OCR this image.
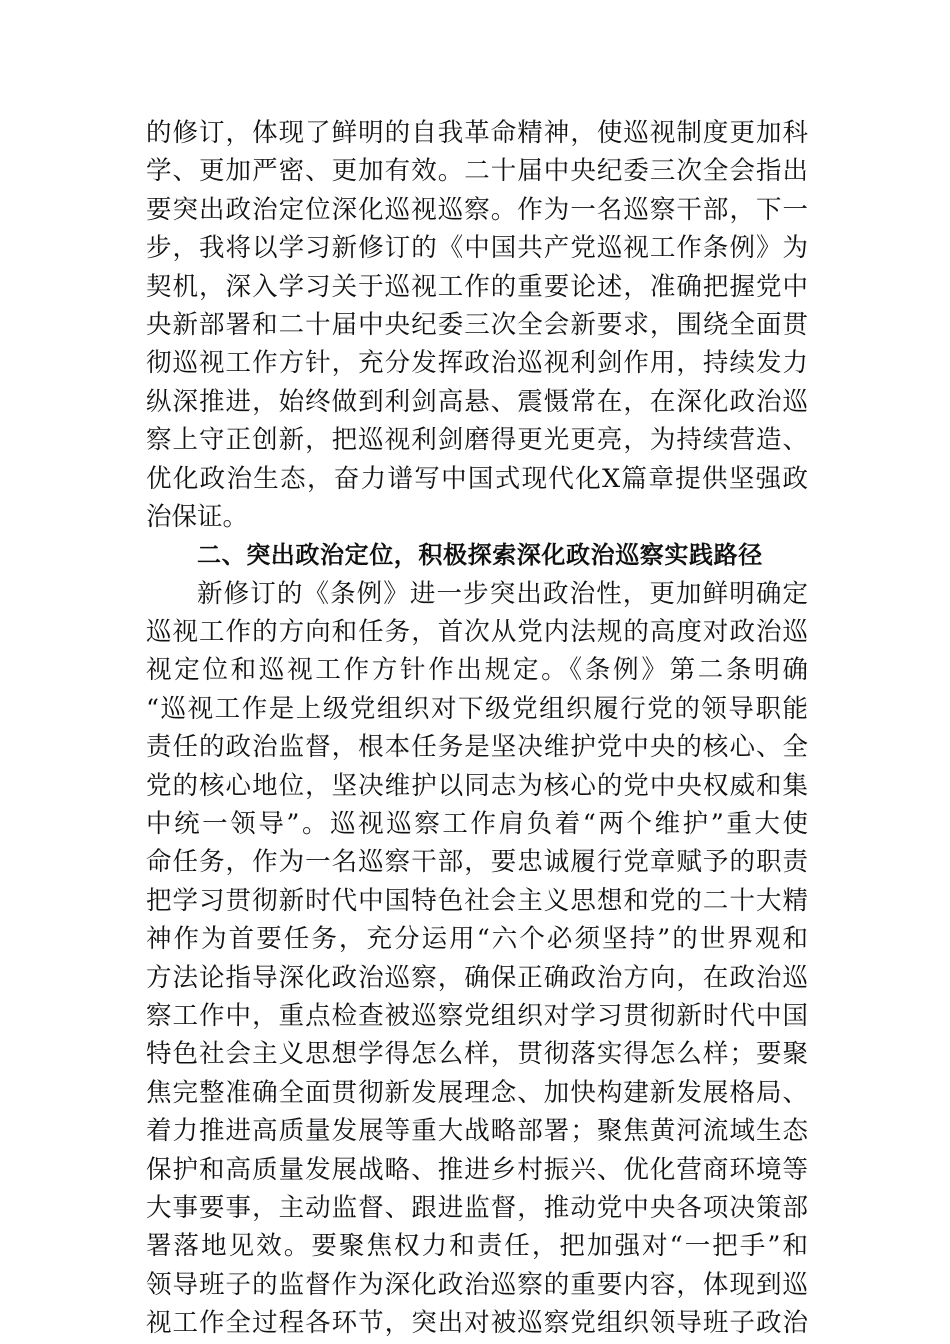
的修订，体现了鲜明的自我革命精神，使巡视制度更加科
学、更加严密、更加有效。二十届中央纪委三次全会指出
要突出政治定位深化巡视巡察。作为一名巡察干部，下一
步，我将以学习新修订的《中国共产党巡视工作条例》为
契机，深入学习关于巡视工作的重要论述，准确把握党中
央新部署和二十届中央纪委三次全会新要求，围绕全面贯
彻巡视工作方针，充分发挥政治巡视利剑作用，持续发力
纵深推进，始终做到利剑高悬、震慑常在，在深化政治巡
察上守正创新，把巡视利剑磨得更光更亮，为持续营造、
优化政治生态，奋力谱写中国式现代化X篇章提供坚强政
治保证。
二、突出政治定位，积极探索深化政治巡察实践路径
新修订的《条例》进一步突出政治性，更加鲜明确定
巡视工作的方向和任务，首次从党内法规的高度对政治巡
视定位和巡视工作方针作出规定。《条例》第二条明确
“巡视工作是上级党组织对下级党组织履行党的领导职能
责任的政治监督，根本任务是坚决维护党中央的核心、全
党的核心地位，坚决维护以同志为核心的党中央权威和集
中统一领导”。巡视巡察工作肩负着“两个维护”重大使
命任务，作为一名巡察干部，要忠诚履行党章赋予的职责
把学习贯彻新时代中国特色社会主义思想和党的二十大精
神作为首要任务，充分运用“六个必须坚持”的世界观和
方法论指导深化政治巡察，确保正确政治方向，在政治巡
察工作中，重点检查被巡察党组织对学习贯彻新时代中国
特色社会主义思想学得怎么样，贯彻落实得怎么样；要聚
焦完整准确全面贯彻新发展理念、加快构建新发展格局、
着力推进高质量发展等重大战略部署；聚焦黄河流域生态
保护和高质量发展战略、推进乡村振兴、优化营商环境等
大事要事，主动监督、跟进监督，推动党中央各项决策部
署落地见效。要聚焦权力和责任，把加强对“一把手”和
领导班子的监督作为深化政治巡察的重要内容，体现到巡
视工作全过程各环节，突出对被巡察党组织领导班子政治
